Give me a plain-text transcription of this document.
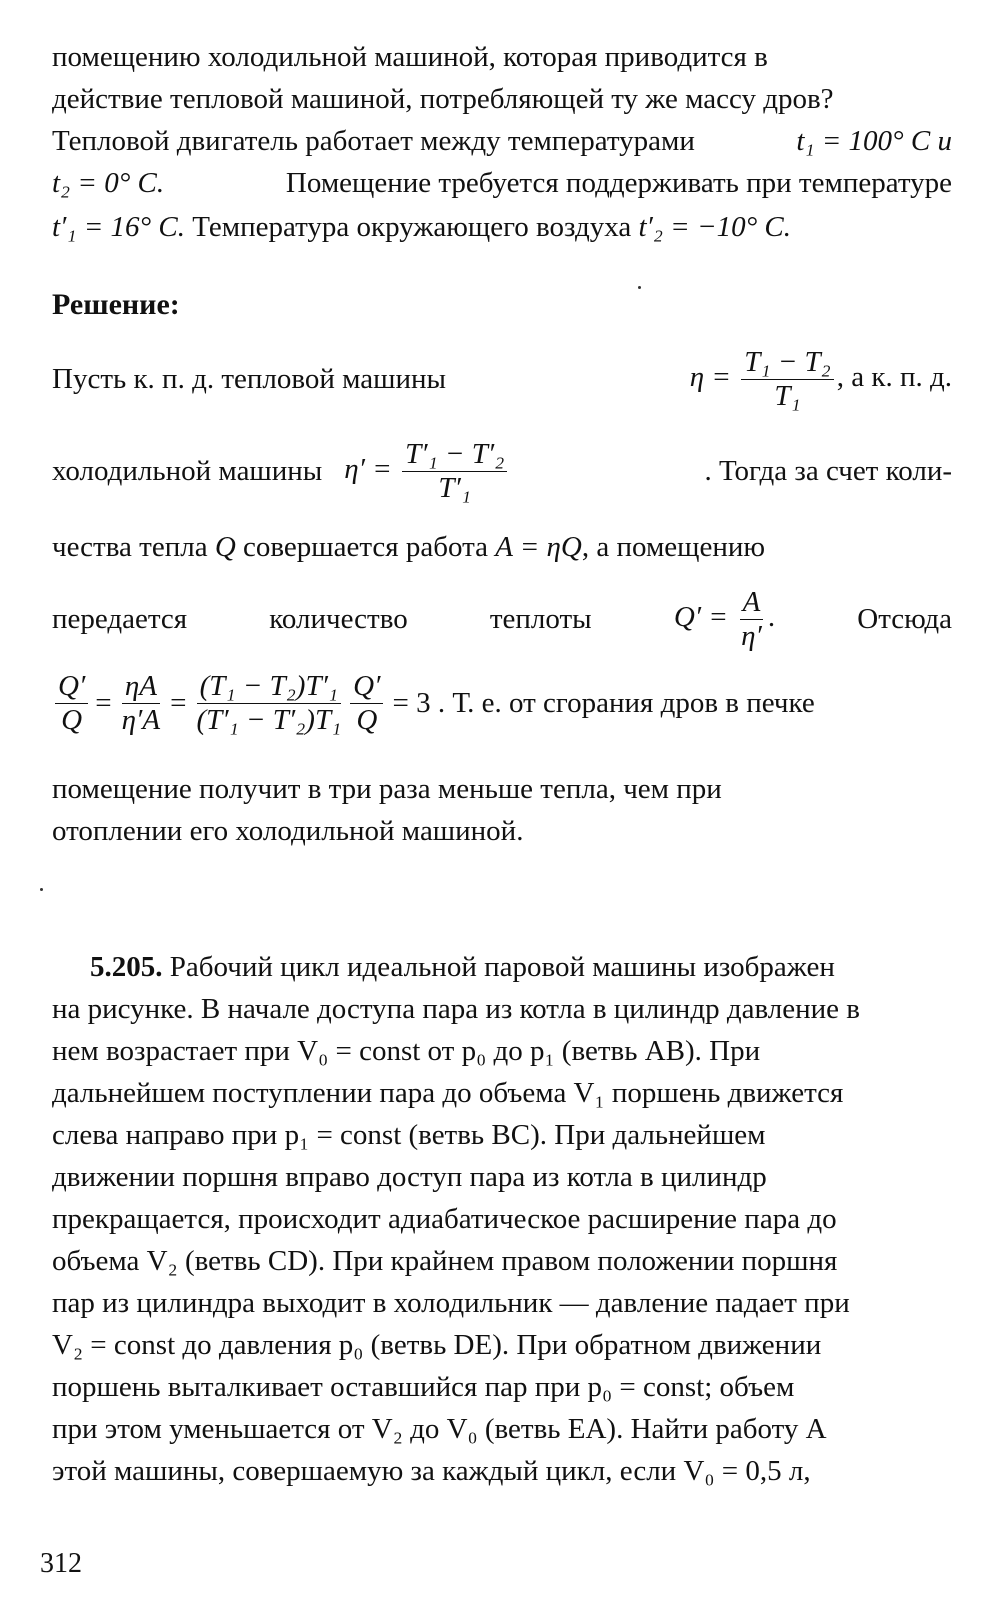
помещению холодильной машиной, которая приводится в
действие тепловой машиной, потребляющей ту же массу дров?
Тепловой двигатель работает между температурами	t₁ = 100° C и
t₂ = 0° C.	Помещение требуется поддерживать при температуре
t′₁ = 16° C. Температура окружающего воздуха t′₂ = −10° C.
Решение:
Пусть к. п. д. тепловой машины	$\eta = \frac{\text{T₁ − T₂}}{\text{T₁}}$ , а к. п. д.
холодильной машины $\eta' = \frac{\text{T′₁ − T′₂}}{\text{T′₁}}$	. Тогда за счет коли-
чества тепла Q совершается работа A = ηQ, а помещению
передается	количество	теплоты	$Q' = \frac{A}{\eta'}$ .	Отсюда
$\frac{Q'}{Q} = \frac{\eta A}{\eta'A} = \frac{\text{(T₁ − T₂)T′₁}}{\text{(T′₁ − T′₂)T₁}} \frac{Q'}{Q} = 3$ . Т. е. от сгорания дров в печке
помещение получит в три раза меньше тепла, чем при
отоплении его холодильной машиной.
5.205. Рабочий цикл идеальной паровой машины изображен
на рисунке. В начале доступа пара из котла в цилиндр давление в
нем возрастает при V₀ = const от p₀ до p₁ (ветвь AB). При
дальнейшем поступлении пара до объема V₁ поршень движется
слева направо при p₁ = const (ветвь BC). При дальнейшем
движении поршня вправо доступ пара из котла в цилиндр
прекращается, происходит адиабатическое расширение пара до
объема V₂ (ветвь CD). При крайнем правом положении поршня
пар из цилиндра выходит в холодильник — давление падает при
V₂ = const до давления p₀ (ветвь DE). При обратном движении
поршень выталкивает оставшийся пар при p₀ = const; объем
при этом уменьшается от V₂ до V₀ (ветвь EA). Найти работу A
этой машины, совершаемую за каждый цикл, если V₀ = 0,5 л,
312
